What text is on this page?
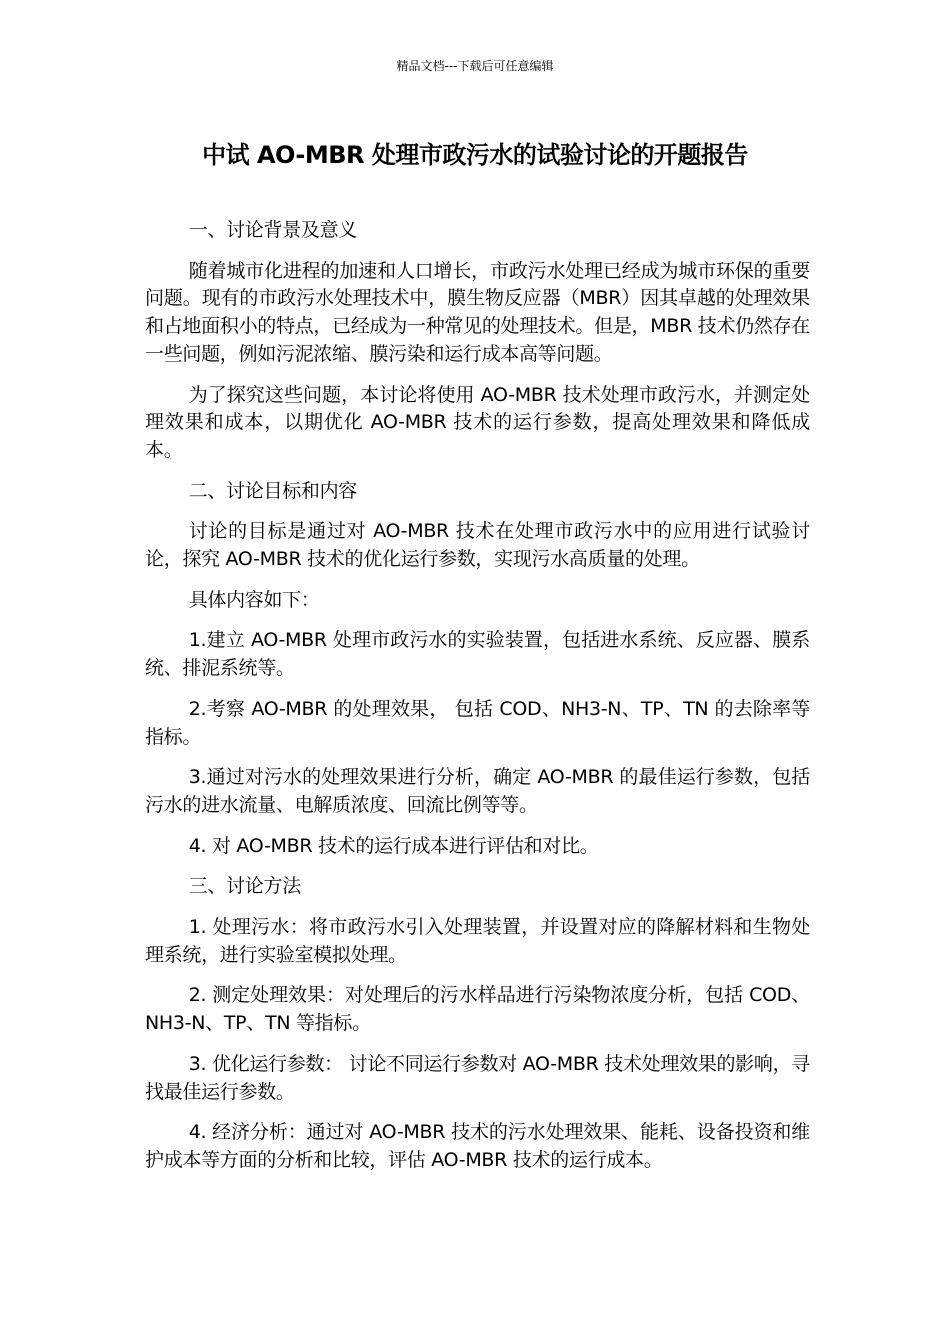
精品文档---下载后可任意编辑
中试 AO-MBR 处理市政污水的试验讨论的开题报告

一、讨论背景及意义

随着城市化进程的加速和人口增长，市政污水处理已经成为城市环保的重要问题。现有的市政污水处理技术中，膜生物反应器（MBR）因其卓越的处理效果和占地面积小的特点，已经成为一种常见的处理技术。但是，MBR 技术仍然存在一些问题，例如污泥浓缩、膜污染和运行成本高等问题。

为了探究这些问题，本讨论将使用 AO-MBR 技术处理市政污水，并测定处理效果和成本，以期优化 AO-MBR 技术的运行参数，提高处理效果和降低成本。

二、讨论目标和内容

讨论的目标是通过对 AO-MBR 技术在处理市政污水中的应用进行试验讨论，探究 AO-MBR 技术的优化运行参数，实现污水高质量的处理。

具体内容如下：

1.建立 AO-MBR 处理市政污水的实验装置，包括进水系统、反应器、膜系统、排泥系统等。

2.考察 AO-MBR 的处理效果， 包括 COD、NH3-N、TP、TN 的去除率等指标。

3.通过对污水的处理效果进行分析，确定 AO-MBR 的最佳运行参数，包括污水的进水流量、电解质浓度、回流比例等等。

4. 对 AO-MBR 技术的运行成本进行评估和对比。

三、讨论方法

1. 处理污水：将市政污水引入处理装置，并设置对应的降解材料和生物处理系统，进行实验室模拟处理。

2. 测定处理效果：对处理后的污水样品进行污染物浓度分析，包括 COD、NH3-N、TP、TN 等指标。

3. 优化运行参数： 讨论不同运行参数对 AO-MBR 技术处理效果的影响，寻找最佳运行参数。

4. 经济分析：通过对 AO-MBR 技术的污水处理效果、能耗、设备投资和维护成本等方面的分析和比较，评估 AO-MBR 技术的运行成本。
